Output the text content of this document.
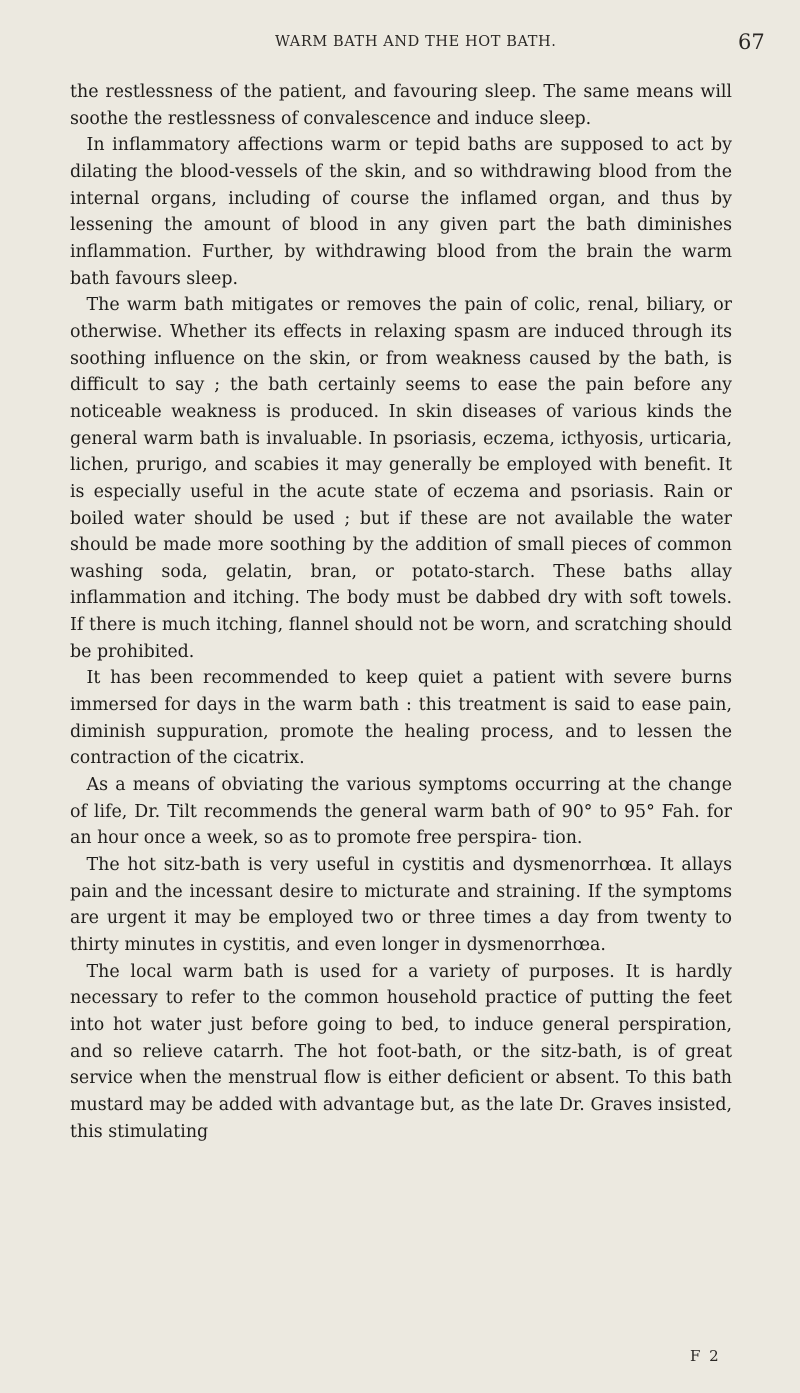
WARM BATH AND THE HOT BATH.	67

the restlessness of the patient, and favouring sleep. The same means will soothe the restlessness of convalescence and induce sleep.

In inflammatory affections warm or tepid baths are supposed to act by dilating the blood-vessels of the skin, and so withdrawing blood from the internal organs, including of course the inflamed organ, and thus by lessening the amount of blood in any given part the bath diminishes inflammation. Further, by withdrawing blood from the brain the warm bath favours sleep.

The warm bath mitigates or removes the pain of colic, renal, biliary, or otherwise. Whether its effects in relaxing spasm are induced through its soothing influence on the skin, or from weakness caused by the bath, is difficult to say ; the bath certainly seems to ease the pain before any noticeable weakness is produced. In skin diseases of various kinds the general warm bath is invaluable. In psoriasis, eczema, icthyosis, urticaria, lichen, prurigo, and scabies it may generally be employed with benefit. It is especially useful in the acute state of eczema and psoriasis. Rain or boiled water should be used ; but if these are not available the water should be made more soothing by the addition of small pieces of common washing soda, gelatin, bran, or potato-starch. These baths allay inflammation and itching. The body must be dabbed dry with soft towels. If there is much itching, flannel should not be worn, and scratching should be prohibited.

It has been recommended to keep quiet a patient with severe burns immersed for days in the warm bath : this treatment is said to ease pain, diminish suppuration, promote the healing process, and to lessen the contraction of the cicatrix.

As a means of obviating the various symptoms occurring at the change of life, Dr. Tilt recommends the general warm bath of 90° to 95° Fah. for an hour once a week, so as to promote free perspira- tion.

The hot sitz-bath is very useful in cystitis and dysmenorrhœa. It allays pain and the incessant desire to micturate and straining. If the symptoms are urgent it may be employed two or three times a day from twenty to thirty minutes in cystitis, and even longer in dysmenorrhœa.

The local warm bath is used for a variety of purposes. It is hardly necessary to refer to the common household practice of putting the feet into hot water just before going to bed, to induce general perspiration, and so relieve catarrh. The hot foot-bath, or the sitz-bath, is of great service when the menstrual flow is either deficient or absent. To this bath mustard may be added with advantage but, as the late Dr. Graves insisted, this stimulating

F 2
